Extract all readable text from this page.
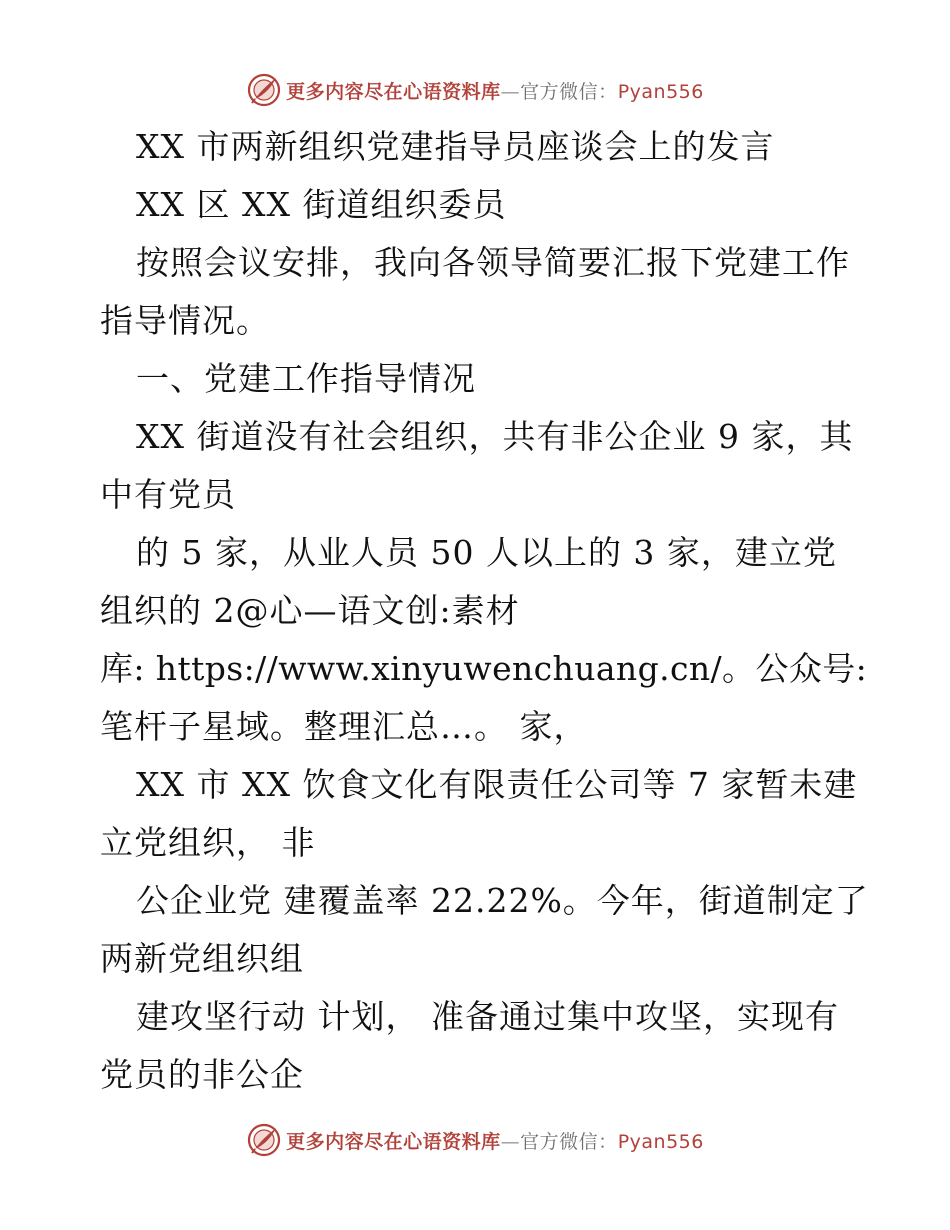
更多内容尽在心语资料库—官方微信：Pyan556
XX 市两新组织党建指导员座谈会上的发言
XX 区 XX 街道组织委员
按照会议安排，我向各领导简要汇报下党建工作
指导情况。
一、党建工作指导情况
XX 街道没有社会组织，共有非公企业 9 家，其
中有党员
的 5 家，从业人员 50 人以上的 3 家，建立党
组织的 2@心—语文创:素材
库: https://www.xinyuwenchuang.cn/。公众号:
笔杆子星域。整理汇总…。 家，
XX 市 XX 饮食文化有限责任公司等 7 家暂未建
立党组织， 非
公企业党 建覆盖率 22.22%。今年，街道制定了
两新党组织组
建攻坚行动 计划， 准备通过集中攻坚，实现有
党员的非公企
更多内容尽在心语资料库—官方微信：Pyan556
